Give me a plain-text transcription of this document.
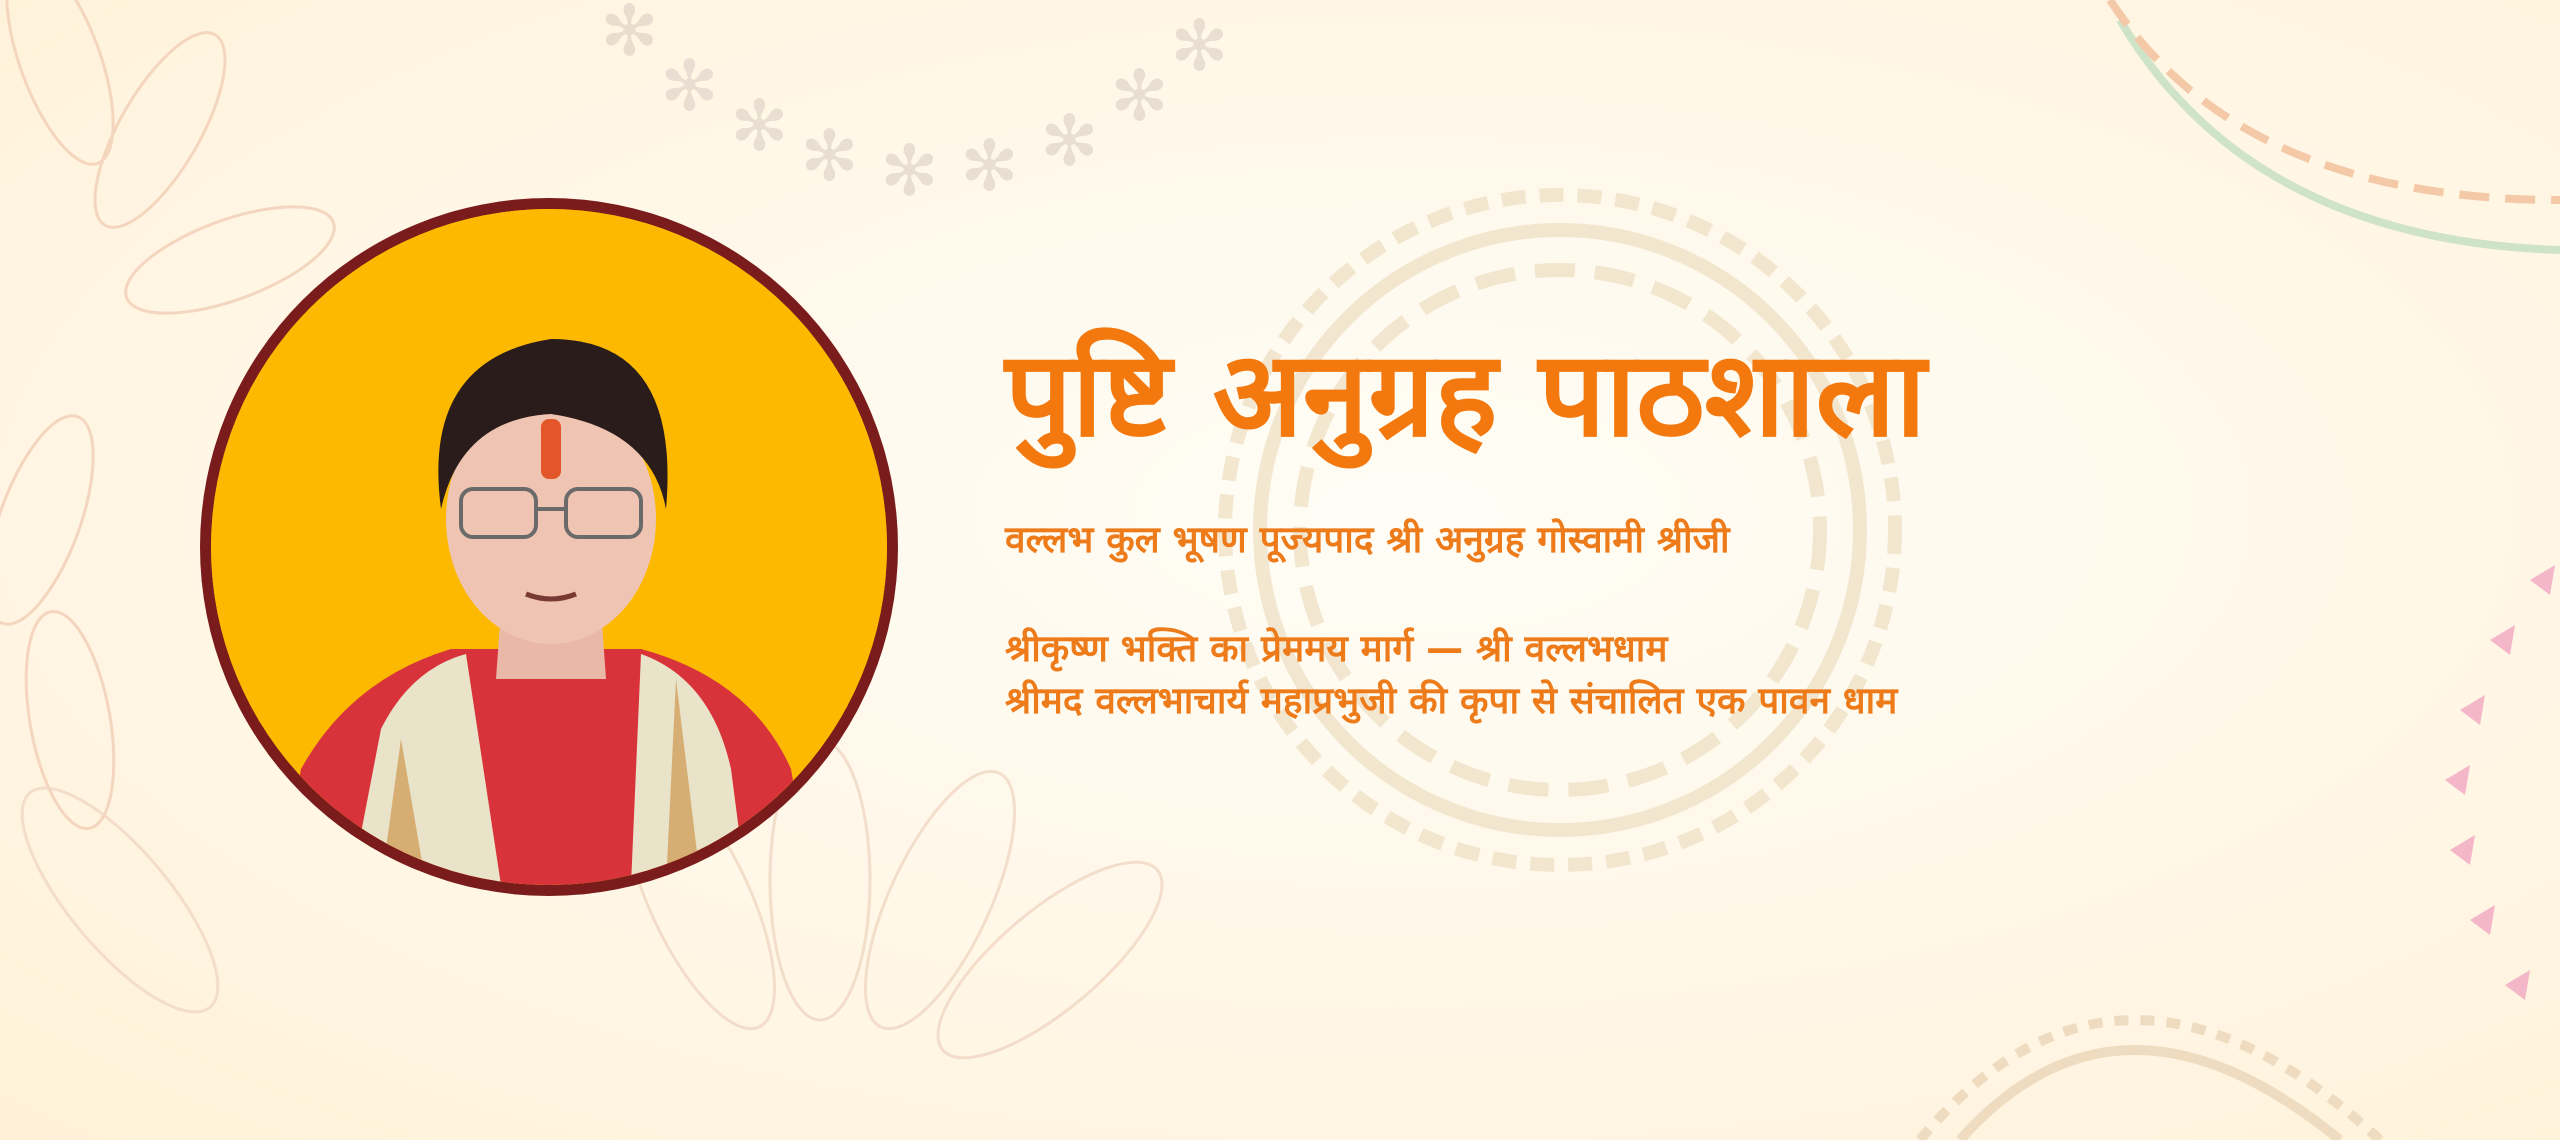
✻
✻ ✻ ✻ ✻ ✻ ✻
✻
✻
पुष्टि अनुग्रह पाठशाला
वल्लभ कुल भूषण पूज्यपाद श्री अनुग्रह गोस्वामी श्रीजी
श्रीकृष्ण भक्ति का प्रेममय मार्ग — श्री वल्लभधाम
श्रीमद वल्लभाचार्य महाप्रभुजी की कृपा से संचालित एक पावन धाम
